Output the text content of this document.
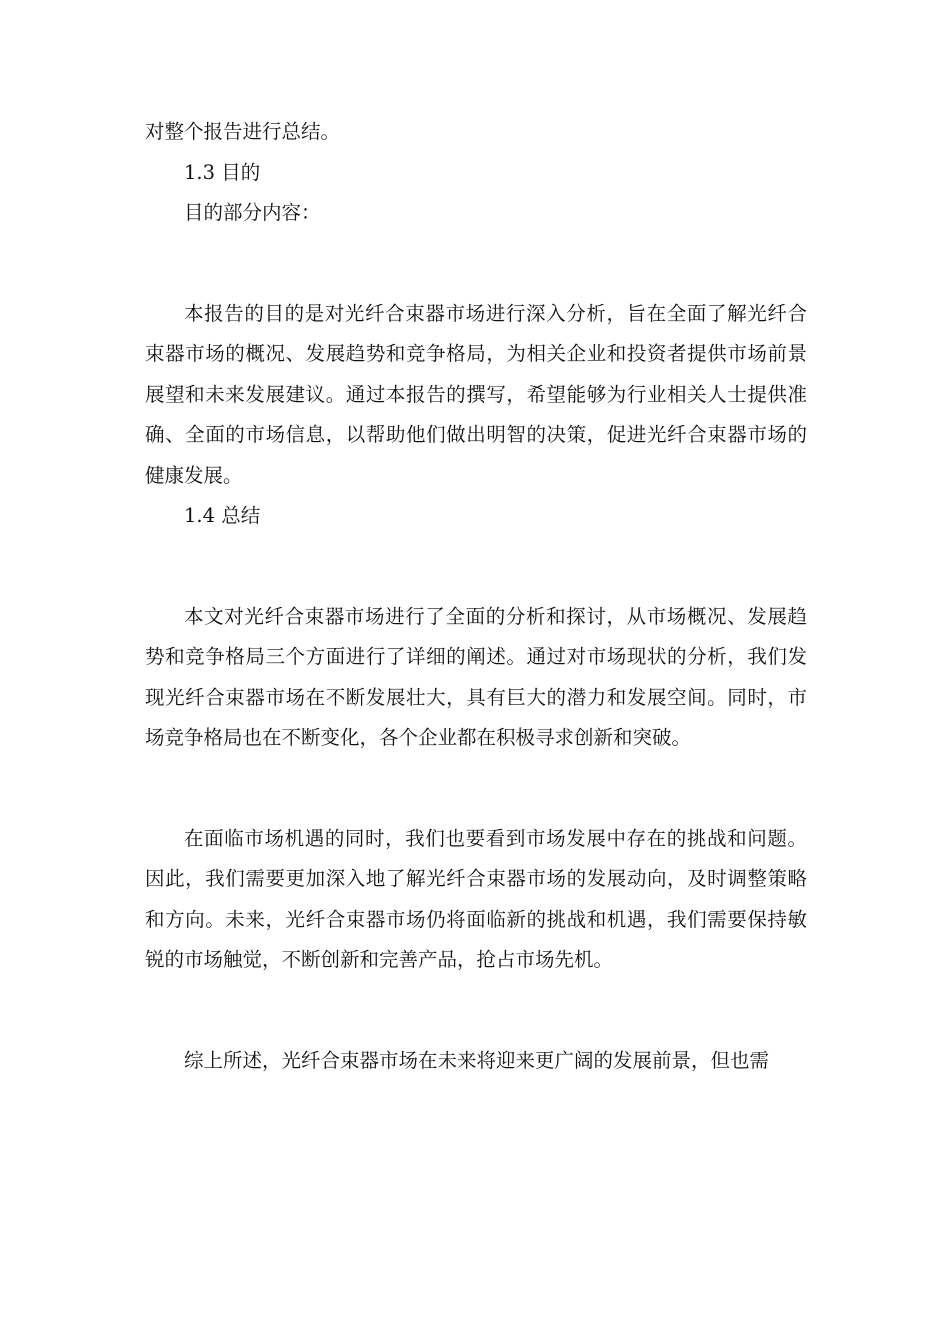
对整个报告进行总结。

1.3 目的

目的部分内容：

本报告的目的是对光纤合束器市场进行深入分析，旨在全面了解光纤合束器市场的概况、发展趋势和竞争格局，为相关企业和投资者提供市场前景展望和未来发展建议。通过本报告的撰写，希望能够为行业相关人士提供准确、全面的市场信息，以帮助他们做出明智的决策，促进光纤合束器市场的健康发展。

1.4 总结

本文对光纤合束器市场进行了全面的分析和探讨，从市场概况、发展趋势和竞争格局三个方面进行了详细的阐述。通过对市场现状的分析，我们发现光纤合束器市场在不断发展壮大，具有巨大的潜力和发展空间。同时，市场竞争格局也在不断变化，各个企业都在积极寻求创新和突破。

在面临市场机遇的同时，我们也要看到市场发展中存在的挑战和问题。因此，我们需要更加深入地了解光纤合束器市场的发展动向，及时调整策略和方向。未来，光纤合束器市场仍将面临新的挑战和机遇，我们需要保持敏锐的市场触觉，不断创新和完善产品，抢占市场先机。

综上所述，光纤合束器市场在未来将迎来更广阔的发展前景，但也需
